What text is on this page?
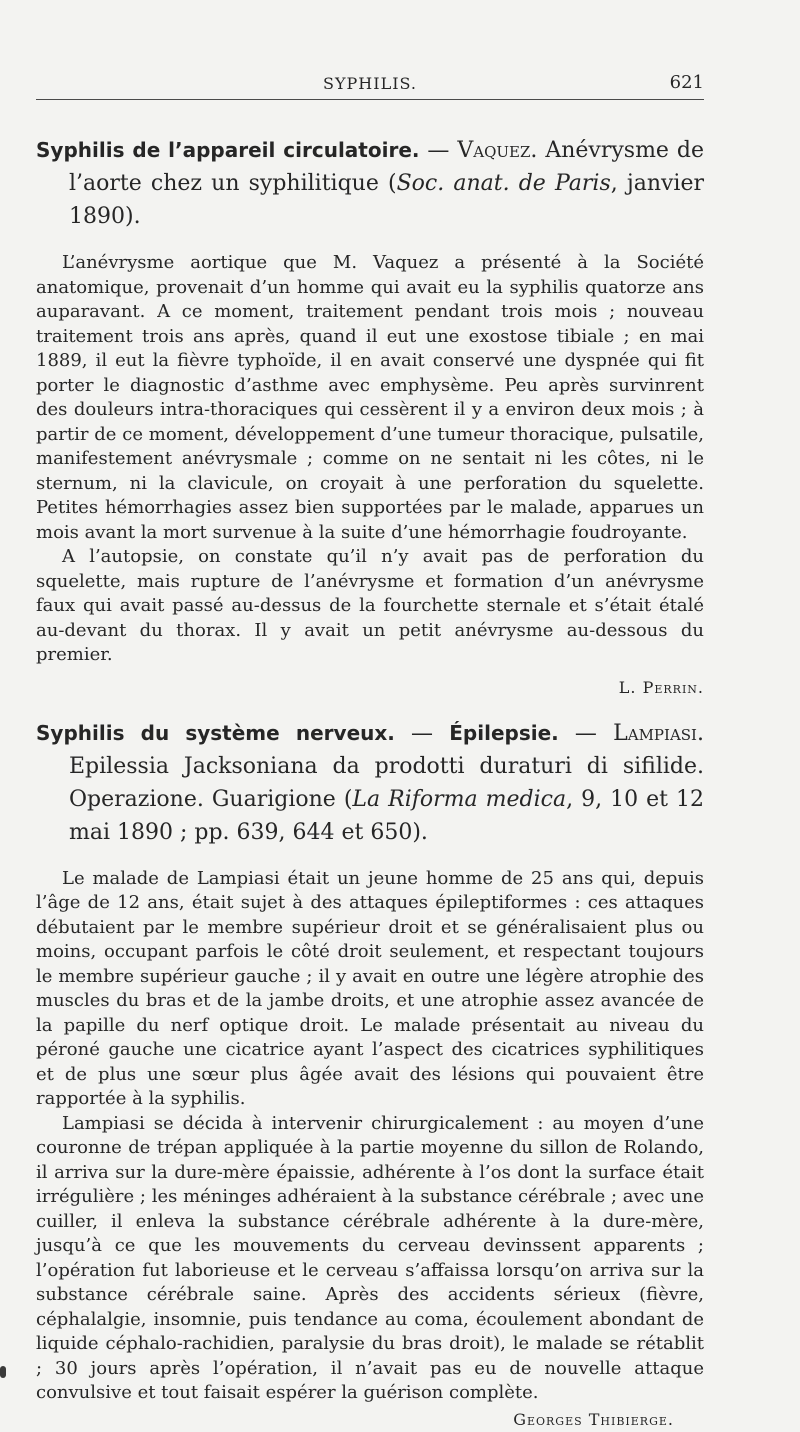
SYPHILIS.	621

Syphilis de l’appareil circulatoire. — Vaquez. Anévrysme de l’aorte chez un syphilitique (Soc. anat. de Paris, janvier 1890).

L’anévrysme aortique que M. Vaquez a présenté à la Société anatomique, provenait d’un homme qui avait eu la syphilis quatorze ans auparavant. A ce moment, traitement pendant trois mois ; nouveau traitement trois ans après, quand il eut une exostose tibiale ; en mai 1889, il eut la fièvre typhoïde, il en avait conservé une dyspnée qui fit porter le diagnostic d’asthme avec emphysème. Peu après survinrent des douleurs intra-thoraciques qui cessèrent il y a environ deux mois ; à partir de ce moment, développement d’une tumeur thoracique, pulsatile, manifestement anévrysmale ; comme on ne sentait ni les côtes, ni le sternum, ni la clavicule, on croyait à une perforation du squelette. Petites hémorrhagies assez bien supportées par le malade, apparues un mois avant la mort survenue à la suite d’une hémorrhagie foudroyante.

A l’autopsie, on constate qu’il n’y avait pas de perforation du squelette, mais rupture de l’anévrysme et formation d’un anévrysme faux qui avait passé au-dessus de la fourchette sternale et s’était étalé au-devant du thorax. Il y avait un petit anévrysme au-dessous du premier.

L. Perrin.

Syphilis du système nerveux. — Épilepsie. — Lampiasi. Epilessia Jacksoniana da prodotti duraturi di sifilide. Operazione. Guarigione (La Riforma medica, 9, 10 et 12 mai 1890 ; pp. 639, 644 et 650).

Le malade de Lampiasi était un jeune homme de 25 ans qui, depuis l’âge de 12 ans, était sujet à des attaques épileptiformes : ces attaques débutaient par le membre supérieur droit et se généralisaient plus ou moins, occupant parfois le côté droit seulement, et respectant toujours le membre supérieur gauche ; il y avait en outre une légère atrophie des muscles du bras et de la jambe droits, et une atrophie assez avancée de la papille du nerf optique droit. Le malade présentait au niveau du péroné gauche une cicatrice ayant l’aspect des cicatrices syphilitiques et de plus une sœur plus âgée avait des lésions qui pouvaient être rapportée à la syphilis.

Lampiasi se décida à intervenir chirurgicalement : au moyen d’une couronne de trépan appliquée à la partie moyenne du sillon de Rolando, il arriva sur la dure-mère épaissie, adhérente à l’os dont la surface était irrégulière ; les méninges adhéraient à la substance cérébrale ; avec une cuiller, il enleva la substance cérébrale adhérente à la dure-mère, jusqu’à ce que les mouvements du cerveau devinssent apparents ; l’opération fut laborieuse et le cerveau s’affaissa lorsqu’on arriva sur la substance cérébrale saine. Après des accidents sérieux (fièvre, céphalalgie, insomnie, puis tendance au coma, écoulement abondant de liquide céphalo-rachidien, paralysie du bras droit), le malade se rétablit ; 30 jours après l’opération, il n’avait pas eu de nouvelle attaque convulsive et tout faisait espérer la guérison complète.
Georges Thibierge.
